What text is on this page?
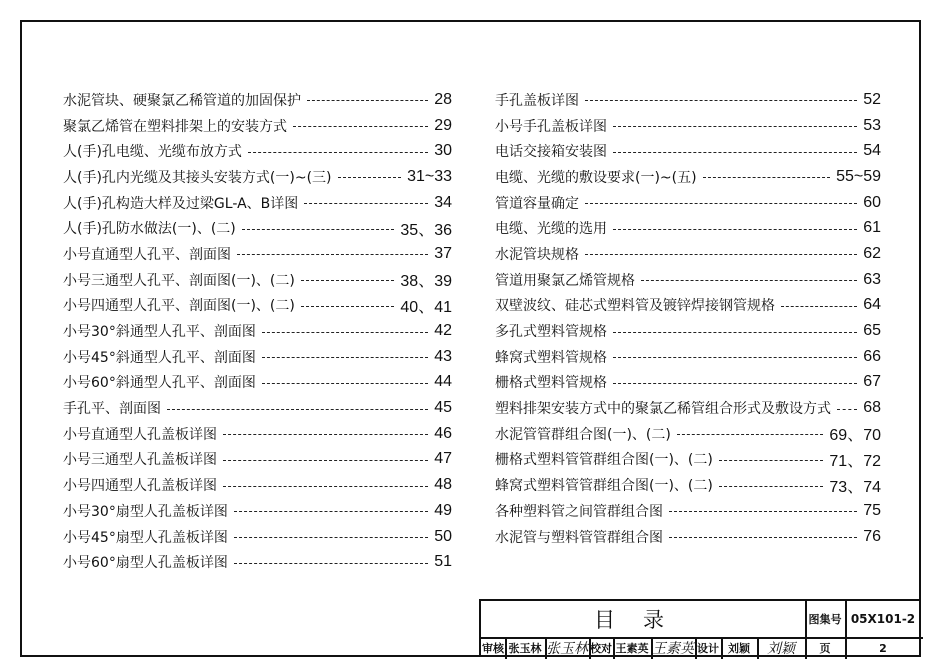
水泥管块、硬聚氯乙稀管道的加固保护	28
聚氯乙烯管在塑料排架上的安装方式	29
人(手)孔电缆、光缆布放方式	30
人(手)孔内光缆及其接头安装方式(一)~(三)	31~33
人(手)孔构造大样及过梁GL-A、B详图	34
人(手)孔防水做法(一)、(二)	35、36
小号直通型人孔平、剖面图	37
小号三通型人孔平、剖面图(一)、(二)	38、39
小号四通型人孔平、剖面图(一)、(二)	40、41
小号30°斜通型人孔平、剖面图	42
小号45°斜通型人孔平、剖面图	43
小号60°斜通型人孔平、剖面图	44
手孔平、剖面图	45
小号直通型人孔盖板详图	46
小号三通型人孔盖板详图	47
小号四通型人孔盖板详图	48
小号30°扇型人孔盖板详图	49
小号45°扇型人孔盖板详图	50
小号60°扇型人孔盖板详图	51
手孔盖板详图	52
小号手孔盖板详图	53
电话交接箱安装图	54
电缆、光缆的敷设要求(一)~(五)	55~59
管道容量确定	60
电缆、光缆的选用	61
水泥管块规格	62
管道用聚氯乙烯管规格	63
双壁波纹、硅芯式塑料管及镀锌焊接钢管规格	64
多孔式塑料管规格	65
蜂窝式塑料管规格	66
栅格式塑料管规格	67
塑料排架安装方式中的聚氯乙稀管组合形式及敷设方式 68
水泥管管群组合图(一)、(二)	69、70
栅格式塑料管管群组合图(一)、(二)	71、72
蜂窝式塑料管管群组合图(一)、(二)	73、74
各种塑料管之间管群组合图	75
水泥管与塑料管管群组合图	76
目录	图集号 05X101-2
审核 张玉林 张玉林 校对 王素英 王素英 设计 刘颖	刘颖	页	2
